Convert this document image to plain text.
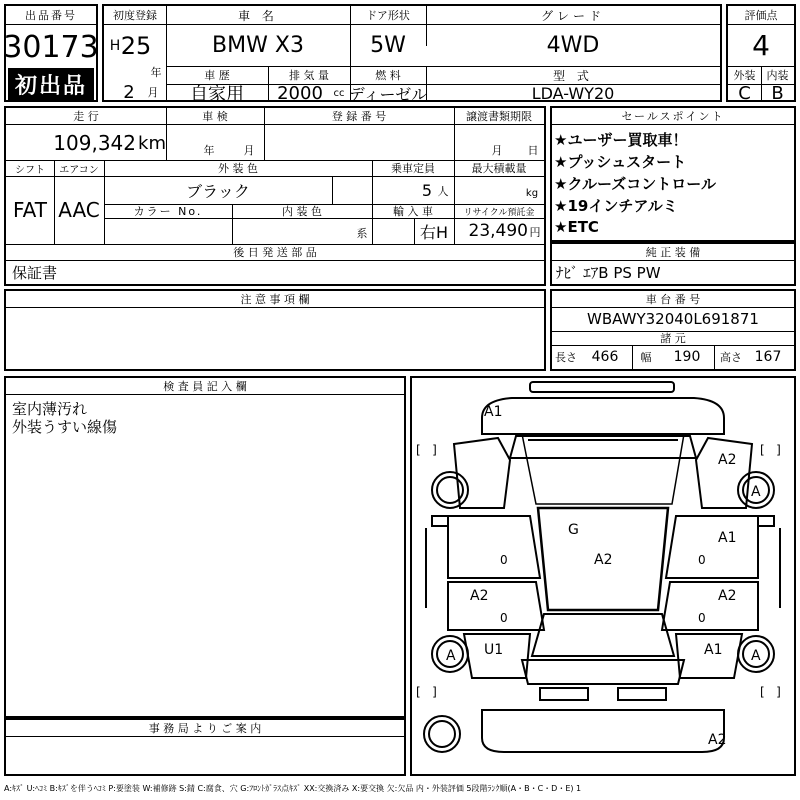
出品番号
30173
初出品
初度登録
H 25
年
2	月
車 名
BMW X3
ドア形状
5W
グレード
4WD
車 歴
自家用
排 気 量
2000	cc
燃 料
ディーゼル
型 式
LDA-WY20
評価点
4
外装	内装
C	B
走 行
109,342 km
車 検
年	月
登 録 番 号	譲渡書類期限
月 日
シフト
FAT
エアコン
AAC
外 装 色
ブラック
乗車定員
5 人
最大積載量
kg
カラー No.	内 装 色
系
輸 入 車
右H
リサイクル預託金
23,490 円
後 日 発 送 部 品
保証書
セールスポイント
★ユーザー買取車！
★プッシュスタート
★クルーズコントロール
★19インチアルミ
★ETC
純 正 装 備
ﾅﾋﾞ ｴｱB PS PW
注 意 事 項 欄	車 台 番 号
WBAWY32040L691871
諸 元
長さ	466	幅	190	高さ 167
検 査 員 記 入 欄
室内薄汚れ
外装うすい線傷
事 務 局 よ り ご 案 内
A1
A2
A
G
A2
A1
A2	A2
A U1	A1 A
A2
[   ]	[   ]
[   ]	[   ]
0	0
0	0
A:ｷｽﾞ U:ﾍｺﾐ B:ｷｽﾞを伴うﾍｺﾐ P:要塗装 W:補修跡 S:錆 C:腐食、穴 G:ﾌﾛﾝﾄｶﾞﾗｽ点ｷｽﾞ XX:交換済み X:要交換 欠:欠品 内・外装評価 5段階ﾗﾝｸ順(A・B・C・D・E) 1
